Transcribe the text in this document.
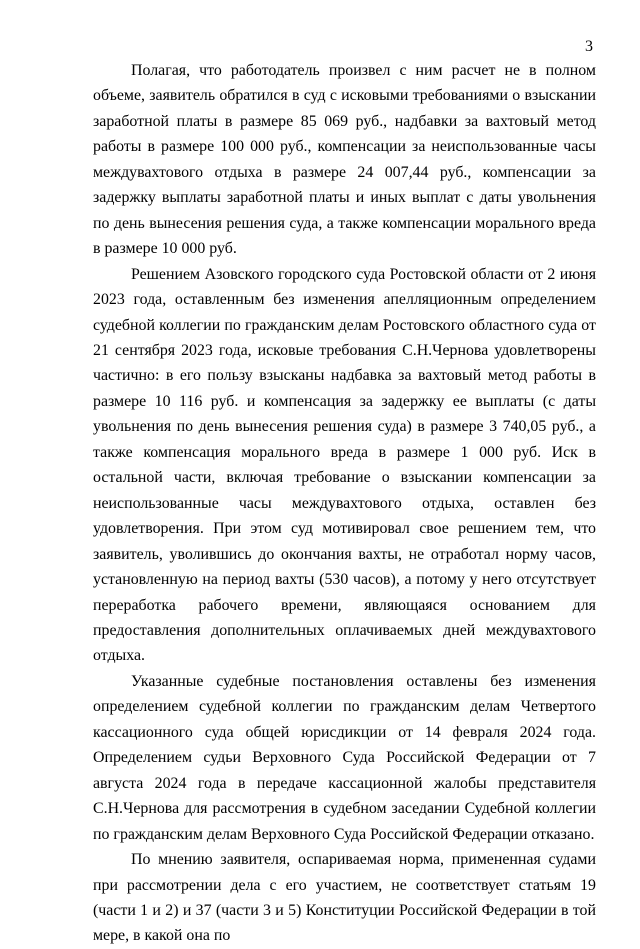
3

Полагая, что работодатель произвел с ним расчет не в полном объеме, заявитель обратился в суд с исковыми требованиями о взыскании заработной платы в размере 85 069 руб., надбавки за вахтовый метод работы в размере 100 000 руб., компенсации за неиспользованные часы междувахтового отдыха в размере 24 007,44 руб., компенсации за задержку выплаты заработной платы и иных выплат с даты увольнения по день вынесения решения суда, а также компенсации морального вреда в размере 10 000 руб.

Решением Азовского городского суда Ростовской области от 2 июня 2023 года, оставленным без изменения апелляционным определением судебной коллегии по гражданским делам Ростовского областного суда от 21 сентября 2023 года, исковые требования С.Н.Чернова удовлетворены частично: в его пользу взысканы надбавка за вахтовый метод работы в размере 10 116 руб. и компенсация за задержку ее выплаты (с даты увольнения по день вынесения решения суда) в размере 3 740,05 руб., а также компенсация морального вреда в размере 1 000 руб. Иск в остальной части, включая требование о взыскании компенсации за неиспользованные часы междувахтового отдыха, оставлен без удовлетворения. При этом суд мотивировал свое решением тем, что заявитель, уволившись до окончания вахты, не отработал норму часов, установленную на период вахты (530 часов), а потому у него отсутствует переработка рабочего времени, являющаяся основанием для предоставления дополнительных оплачиваемых дней междувахтового отдыха.

Указанные судебные постановления оставлены без изменения определением судебной коллегии по гражданским делам Четвертого кассационного суда общей юрисдикции от 14 февраля 2024 года. Определением судьи Верховного Суда Российской Федерации от 7 августа 2024 года в передаче кассационной жалобы представителя С.Н.Чернова для рассмотрения в судебном заседании Судебной коллегии по гражданским делам Верховного Суда Российской Федерации отказано.

По мнению заявителя, оспариваемая норма, примененная судами при рассмотрении дела с его участием, не соответствует статьям 19 (части 1 и 2) и 37 (части 3 и 5) Конституции Российской Федерации в той мере, в какой она по
